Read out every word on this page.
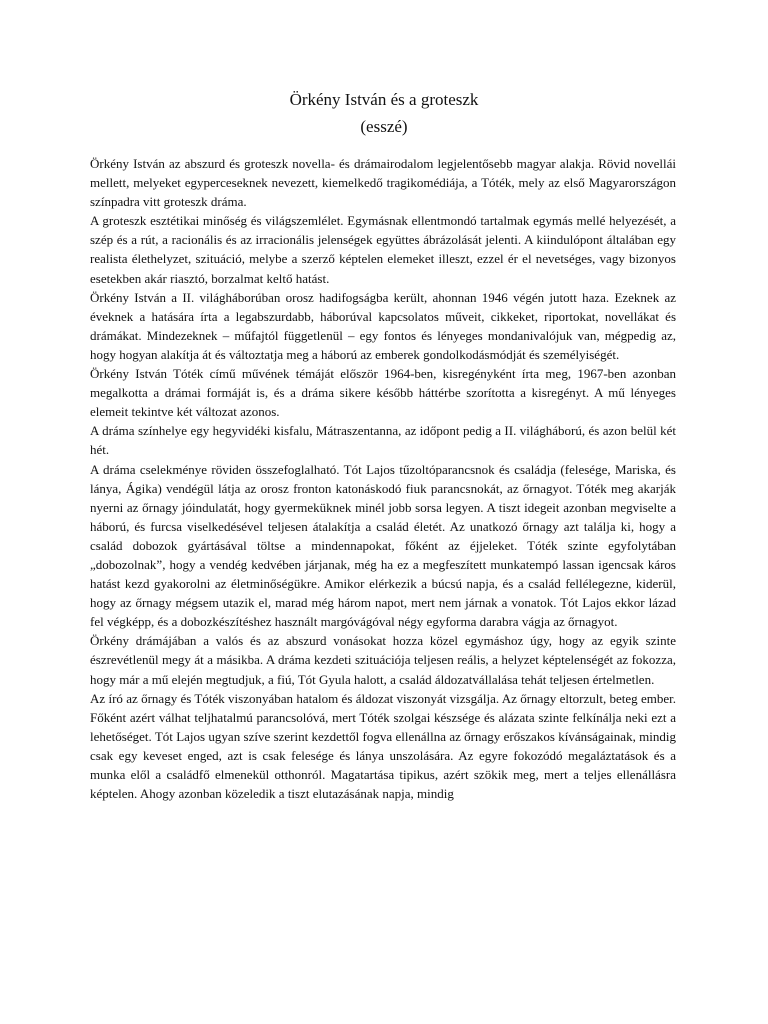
Örkény István és a groteszk
(esszé)

Örkény István az abszurd és groteszk novella- és drámairodalom legjelentősebb magyar alakja. Rövid novellái mellett, melyeket egyperceseknek nevezett, kiemelkedő tragikomédiája, a Tóték, mely az első Magyarországon színpadra vitt groteszk dráma.

A groteszk esztétikai minőség és világszemlélet. Egymásnak ellentmondó tartalmak egymás mellé helyezését, a szép és a rút, a racionális és az irracionális jelenségek együttes ábrázolását jelenti. A kiindulópont általában egy realista élethelyzet, szituáció, melybe a szerző képtelen elemeket illeszt, ezzel ér el nevetséges, vagy bizonyos esetekben akár riasztó, borzalmat keltő hatást.

Örkény István a II. világháborúban orosz hadifogságba került, ahonnan 1946 végén jutott haza. Ezeknek az éveknek a hatására írta a legabszurdabb, háborúval kapcsolatos műveit, cikkeket, riportokat, novellákat és drámákat. Mindezeknek – műfajtól függetlenül – egy fontos és lényeges mondanivalójuk van, mégpedig az, hogy hogyan alakítja át és változtatja meg a háború az emberek gondolkodásmódját és személyiségét.

Örkény István Tóték című művének témáját először 1964-ben, kisregényként írta meg, 1967-ben azonban megalkotta a drámai formáját is, és a dráma sikere később háttérbe szorította a kisregényt. A mű lényeges elemeit tekintve két változat azonos.

A dráma színhelye egy hegyvidéki kisfalu, Mátraszentanna, az időpont pedig a II. világháború, és azon belül két hét.

A dráma cselekménye röviden összefoglalható. Tót Lajos tűzoltóparancsnok és családja (felesége, Mariska, és lánya, Ágika) vendégül látja az orosz fronton katonáskodó fiuk parancsnokát, az őrnagyot. Tóték meg akarják nyerni az őrnagy jóindulatát, hogy gyermeküknek minél jobb sorsa legyen. A tiszt idegeit azonban megviselte a háború, és furcsa viselkedésével teljesen átalakítja a család életét. Az unatkozó őrnagy azt találja ki, hogy a család dobozok gyártásával töltse a mindennapokat, főként az éjjeleket. Tóték szinte egyfolytában „dobozolnak”, hogy a vendég kedvében járjanak, még ha ez a megfeszített munkatempó lassan igencsak káros hatást kezd gyakorolni az életminőségükre. Amikor elérkezik a búcsú napja, és a család fellélegezne, kiderül, hogy az őrnagy mégsem utazik el, marad még három napot, mert nem járnak a vonatok. Tót Lajos ekkor lázad fel végképp, és a dobozkészítéshez használt margóvágóval négy egyforma darabra vágja az őrnagyot.

Örkény drámájában a valós és az abszurd vonásokat hozza közel egymáshoz úgy, hogy az egyik szinte észrevétlenül megy át a másikba. A dráma kezdeti szituációja teljesen reális, a helyzet képtelenségét az fokozza, hogy már a mű elején megtudjuk, a fiú, Tót Gyula halott, a család áldozatvállalása tehát teljesen értelmetlen.

Az író az őrnagy és Tóték viszonyában hatalom és áldozat viszonyát vizsgálja. Az őrnagy eltorzult, beteg ember. Főként azért válhat teljhatalmú parancsolóvá, mert Tóték szolgai készsége és alázata szinte felkínálja neki ezt a lehetőséget. Tót Lajos ugyan szíve szerint kezdettől fogva ellenállna az őrnagy erőszakos kívánságainak, mindig csak egy keveset enged, azt is csak felesége és lánya unszolására. Az egyre fokozódó megaláztatások és a munka elől a családfő elmenekül otthonról. Magatartása tipikus, azért szökik meg, mert a teljes ellenállásra képtelen. Ahogy azonban közeledik a tiszt elutazásának napja, mindig
